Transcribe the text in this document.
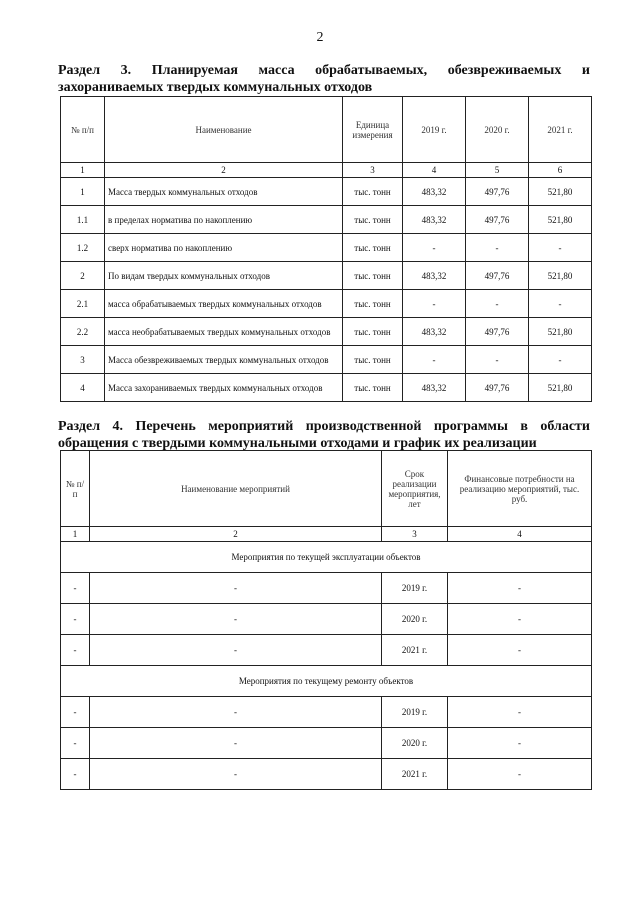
2
Раздел 3. Планируемая масса обрабатываемых, обезвреживаемых и
захораниваемых твердых коммунальных отходов
№ п/п	Наименование	Единица измерения	2019 г.	2020 г.	2021 г.
1	2	3	4	5	6
1	Масса твердых коммунальных отходов	тыс. тонн	483,32	497,76	521,80
1.1	в пределах норматива по накоплению	тыс. тонн	483,32	497,76	521,80
1.2	сверх норматива по накоплению	тыс. тонн	-	-	-
2	По видам твердых коммунальных отходов	тыс. тонн	483,32	497,76	521,80
2.1	масса обрабатываемых твердых коммунальных отходов	тыс. тонн	-	-	-
2.2	масса необрабатываемых твердых коммунальных отходов	тыс. тонн	483,32	497,76	521,80
3	Масса обезвреживаемых твердых коммунальных отходов	тыс. тонн	-	-	-
4	Масса захораниваемых твердых коммунальных отходов	тыс. тонн	483,32	497,76	521,80
Раздел 4. Перечень мероприятий производственной программы в области
обращения с твердыми коммунальными отходами и график их реализации
№ п/п	Наименование мероприятий	Срок реализации мероприятия, лет	Финансовые потребности на реализацию мероприятий, тыс. руб.
1	2	3	4
Мероприятия по текущей эксплуатации объектов			
-	-	2019 г.	-
-	-	2020 г.	-
-	-	2021 г.	-
Мероприятия по текущему ремонту объектов			
-	-	2019 г.	-
-	-	2020 г.	-
-	-	2021 г.	-
